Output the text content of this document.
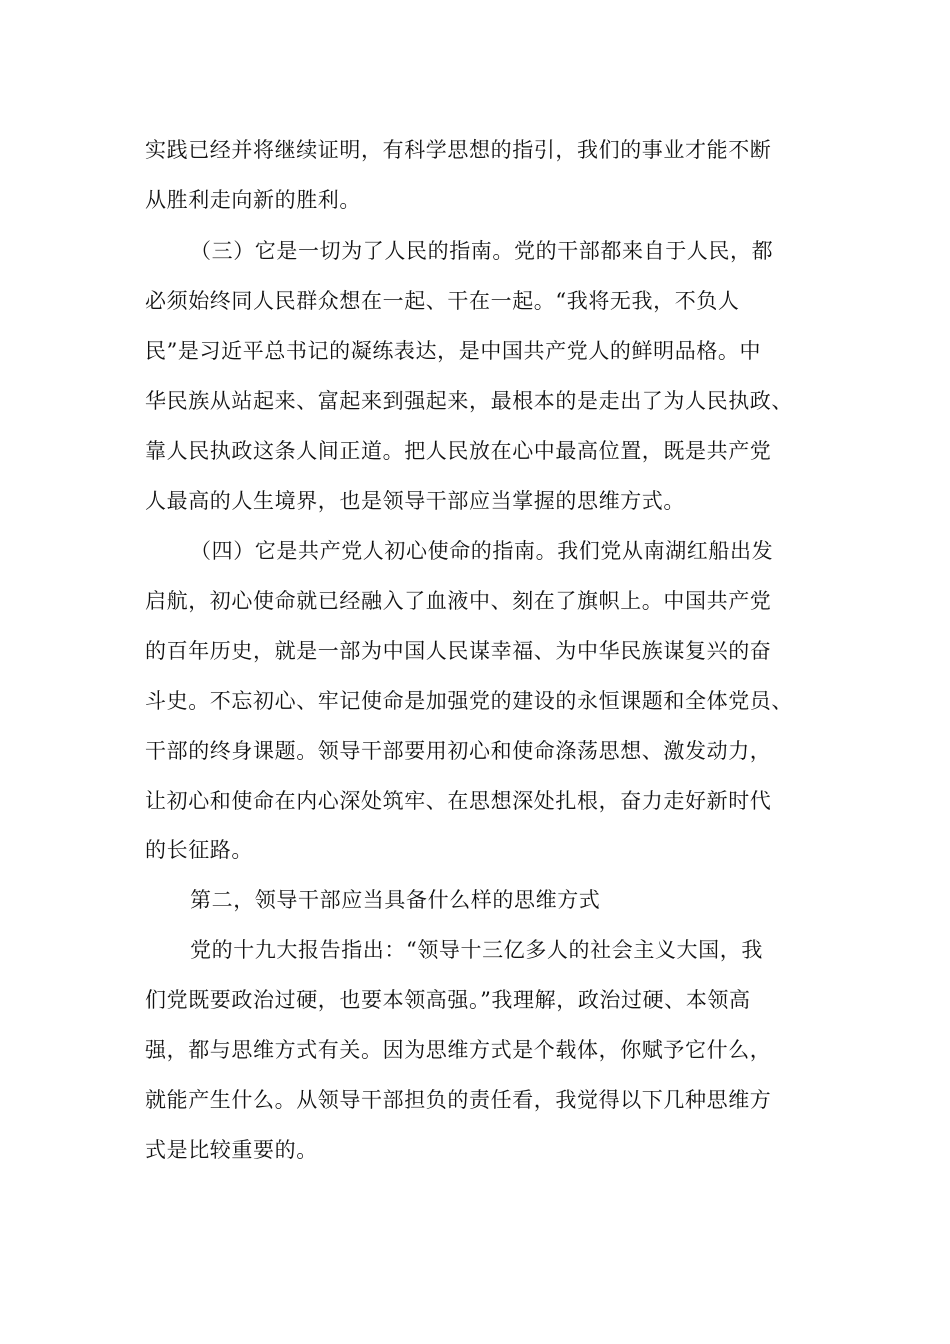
实践已经并将继续证明，有科学思想的指引，我们的事业才能不断
从胜利走向新的胜利。
（三）它是一切为了人民的指南。党的干部都来自于人民，都
必须始终同人民群众想在一起、干在一起。“我将无我，不负人
民”是习近平总书记的凝练表达，是中国共产党人的鲜明品格。中
华民族从站起来、富起来到强起来，最根本的是走出了为人民执政、
靠人民执政这条人间正道。把人民放在心中最高位置，既是共产党
人最高的人生境界，也是领导干部应当掌握的思维方式。
（四）它是共产党人初心使命的指南。我们党从南湖红船出发
启航，初心使命就已经融入了血液中、刻在了旗帜上。中国共产党
的百年历史，就是一部为中国人民谋幸福、为中华民族谋复兴的奋
斗史。不忘初心、牢记使命是加强党的建设的永恒课题和全体党员、
干部的终身课题。领导干部要用初心和使命涤荡思想、激发动力，
让初心和使命在内心深处筑牢、在思想深处扎根，奋力走好新时代
的长征路。
第二，领导干部应当具备什么样的思维方式
党的十九大报告指出：“领导十三亿多人的社会主义大国，我
们党既要政治过硬，也要本领高强。”我理解，政治过硬、本领高
强，都与思维方式有关。因为思维方式是个载体，你赋予它什么，
就能产生什么。从领导干部担负的责任看，我觉得以下几种思维方
式是比较重要的。
